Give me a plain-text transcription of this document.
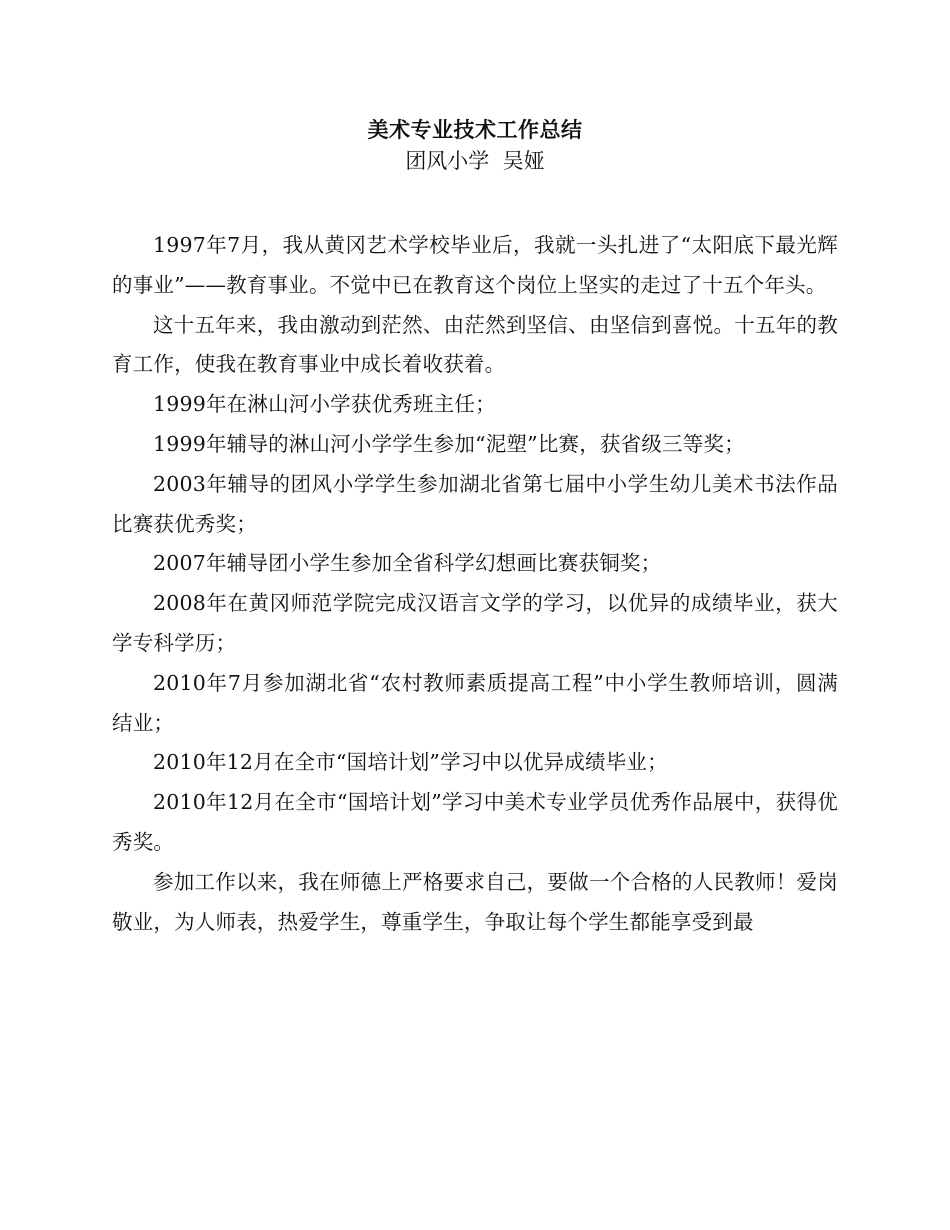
美术专业技术工作总结
团风小学  吴娅

1997年7月，我从黄冈艺术学校毕业后，我就一头扎进了“太阳底下最光辉的事业”——教育事业。不觉中已在教育这个岗位上坚实的走过了十五个年头。

这十五年来，我由激动到茫然、由茫然到坚信、由坚信到喜悦。十五年的教育工作，使我在教育事业中成长着收获着。

1999年在淋山河小学获优秀班主任；

1999年辅导的淋山河小学学生参加“泥塑”比赛，获省级三等奖；

2003年辅导的团风小学学生参加湖北省第七届中小学生幼儿美术书法作品比赛获优秀奖；

2007年辅导团小学生参加全省科学幻想画比赛获铜奖；

2008年在黄冈师范学院完成汉语言文学的学习，以优异的成绩毕业，获大学专科学历；

2010年7月参加湖北省“农村教师素质提高工程”中小学生教师培训，圆满结业；

2010年12月在全市“国培计划”学习中以优异成绩毕业；

2010年12月在全市“国培计划”学习中美术专业学员优秀作品展中，获得优秀奖。

参加工作以来，我在师德上严格要求自己，要做一个合格的人民教师！爱岗敬业，为人师表，热爱学生，尊重学生，争取让每个学生都能享受到最
